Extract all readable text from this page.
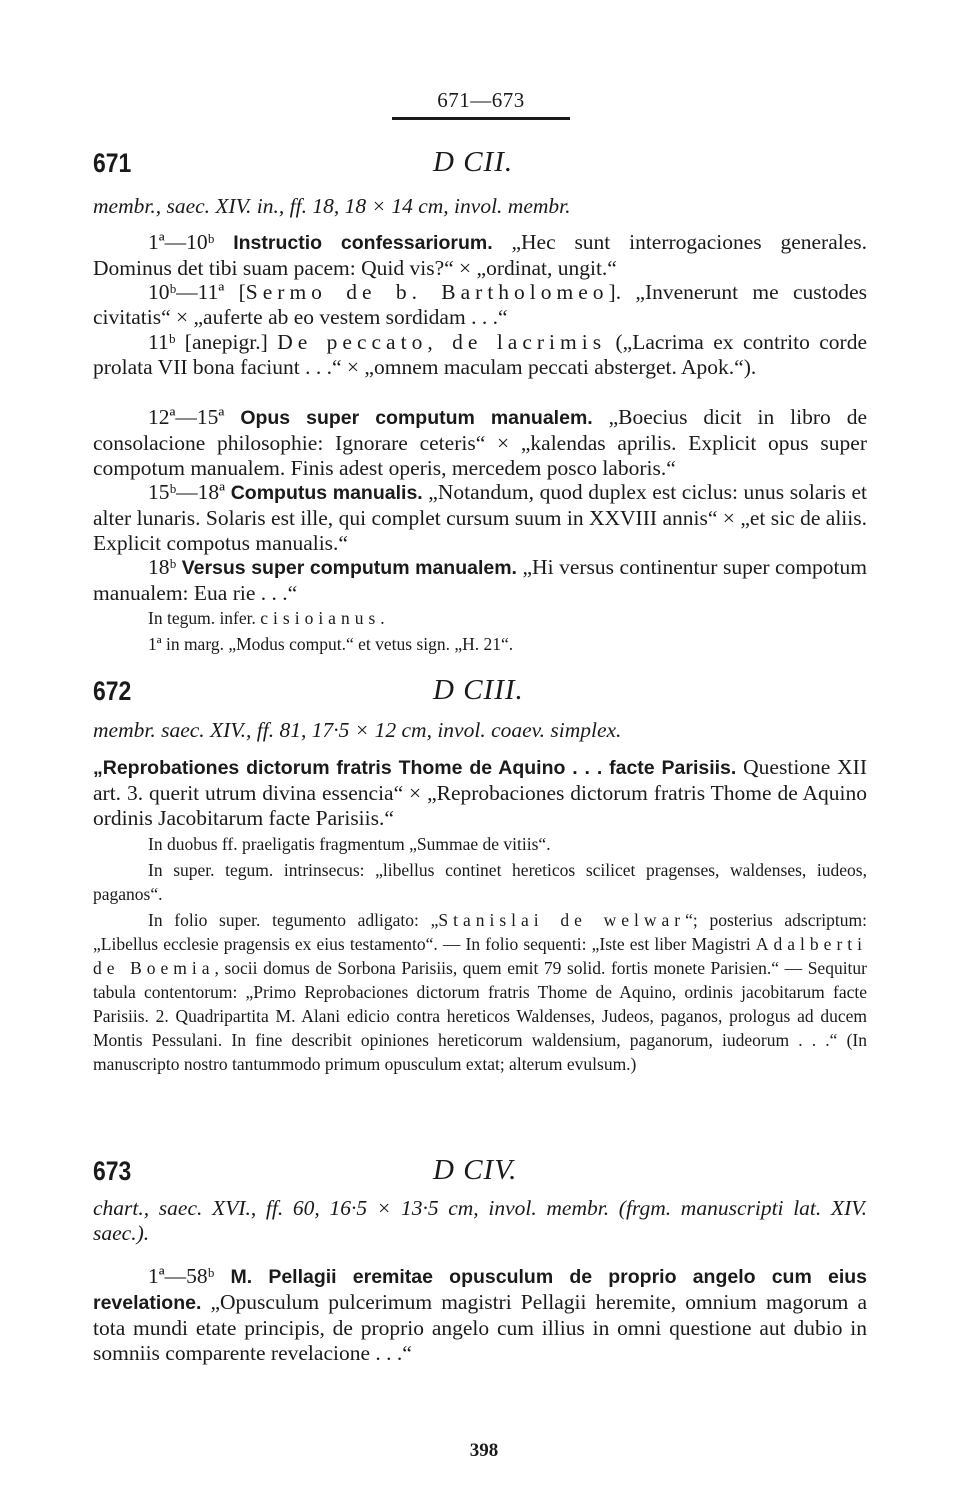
671—673
671	D CII.
membr., saec. XIV. in., ff. 18, 18 × 14 cm, invol. membr.
1ª—10ᵇ Instructio confessariorum. „Hec sunt interrogaciones generales. Dominus det tibi suam pacem: Quid vis?“ × „ordinat, ungit.“
10ᵇ—11ª [Sermo de b. Bartholomeo]. „Invenerunt me custodes civitatis“ × „auferte ab eo vestem sordidam . . .“
11ᵇ [anepigr.] De peccato, de lacrimis („Lacrima ex contrito corde prolata VII bona faciunt . . .“ × „omnem maculam peccati absterget. Apok.“).
12ª—15ª Opus super computum manualem. „Boecius dicit in libro de consolacione philosophie: Ignorare ceteris“ × „kalendas aprilis. Explicit opus super compotum manualem. Finis adest operis, mercedem posco laboris.“
15ᵇ—18ª Computus manualis. „Notandum, quod duplex est ciclus: unus solaris et alter lunaris. Solaris est ille, qui complet cursum suum in XXVIII annis“ × „et sic de aliis. Explicit compotus manualis.“
18ᵇ Versus super computum manualem. „Hi versus continentur super compotum manualem: Eua rie . . .“
In tegum. infer. cisioianus.
1ª in marg. „Modus comput.“ et vetus sign. „H. 21“.
672	D CIII.
membr. saec. XIV., ff. 81, 17·5 × 12 cm, invol. coaev. simplex.
„Reprobationes dictorum fratris Thome de Aquino . . . facte Parisiis. Questione XII art. 3. querit utrum divina essencia“ × „Reprobaciones dictorum fratris Thome de Aquino ordinis Jacobitarum facte Parisiis.“
In duobus ff. praeligatis fragmentum „Summae de vitiis“.
In super. tegum. intrinsecus: „libellus continet hereticos scilicet pragenses, waldenses, iudeos, paganos“.
In folio super. tegumento adligato: „Stanislai de welwar“; posterius adscriptum: „Libellus ecclesie pragensis ex eius testamento“. — In folio sequenti: „Iste est liber Magistri Adalberti de Boemia, socii domus de Sorbona Parisiis, quem emit 79 solid. fortis monete Parisien.“ — Sequitur tabula contentorum: „Primo Reprobaciones dictorum fratris Thome de Aquino, ordinis jacobitarum facte Parisiis. 2. Quadripartita M. Alani edicio contra hereticos Waldenses, Judeos, paganos, prologus ad ducem Montis Pessulani. In fine describit opiniones hereticorum waldensium, paganorum, iudeorum . . .“ (In manuscripto nostro tantummodo primum opusculum extat; alterum evulsum.)
673	D CIV.
chart., saec. XVI., ff. 60, 16·5 × 13·5 cm, invol. membr. (frgm. manuscripti lat. XIV. saec.).
1ª—58ᵇ M. Pellagii eremitae opusculum de proprio angelo cum eius revelatione. „Opusculum pulcerimum magistri Pellagii heremite, omnium magorum a tota mundi etate principis, de proprio angelo cum illius in omni questione aut dubio in somniis comparente revelacione . . .“
398
